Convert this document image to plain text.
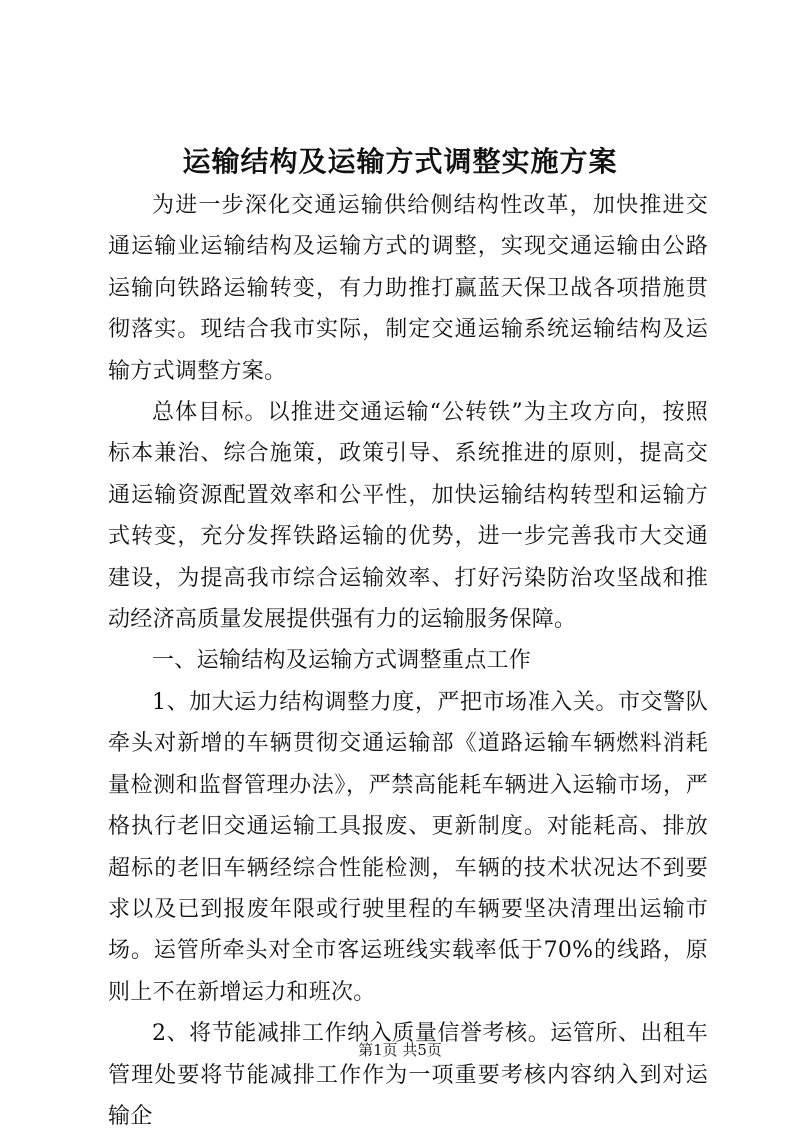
运输结构及运输方式调整实施方案

为进一步深化交通运输供给侧结构性改革，加快推进交通运输业运输结构及运输方式的调整，实现交通运输由公路运输向铁路运输转变，有力助推打赢蓝天保卫战各项措施贯彻落实。现结合我市实际，制定交通运输系统运输结构及运输方式调整方案。

总体目标。以推进交通运输“公转铁”为主攻方向，按照标本兼治、综合施策，政策引导、系统推进的原则，提高交通运输资源配置效率和公平性，加快运输结构转型和运输方式转变，充分发挥铁路运输的优势，进一步完善我市大交通建设，为提高我市综合运输效率、打好污染防治攻坚战和推动经济高质量发展提供强有力的运输服务保障。

一、运输结构及运输方式调整重点工作

1、加大运力结构调整力度，严把市场准入关。市交警队牵头对新增的车辆贯彻交通运输部《道路运输车辆燃料消耗量检测和监督管理办法》，严禁高能耗车辆进入运输市场，严格执行老旧交通运输工具报废、更新制度。对能耗高、排放超标的老旧车辆经综合性能检测，车辆的技术状况达不到要求以及已到报废年限或行驶里程的车辆要坚决清理出运输市场。运管所牵头对全市客运班线实载率低于70%的线路，原则上不在新增运力和班次。

2、将节能减排工作纳入质量信誉考核。运管所、出租车管理处要将节能减排工作作为一项重要考核内容纳入到对运输企

第1页 共5页
